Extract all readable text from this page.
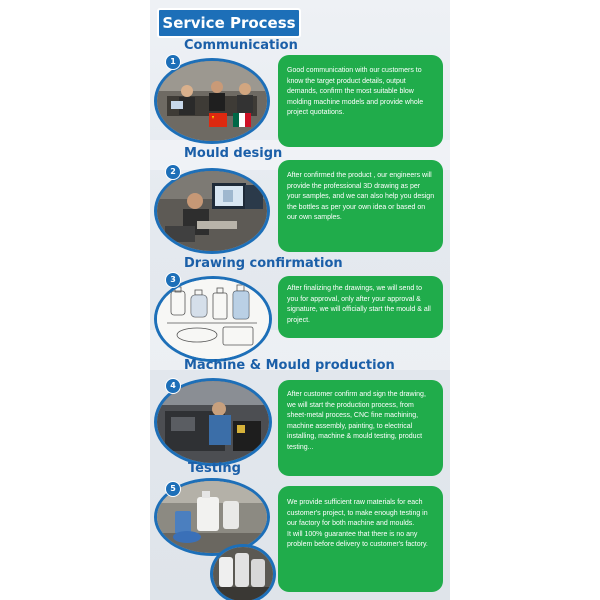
Service Process
Communication
1
Good communication with our customers to know the target product details, output demands, confirm the most suitable blow molding machine models and provide whole project quotations.
Mould design
2	After confirmed the product , our engineers will provide the professional 3D drawing as per your samples, and we can also help you design the bottles as per your own idea or based on our own samples.
Drawing confirmation
3
After finalizing the drawings, we will send to you for approval, only after your approval & signature, we will officially start the mould & all project.
Machine & Mould production
4
After customer confirm and sign the drawing, we will start the production process, from sheet-metal process, CNC fine machining, machine assembly, painting, to electrical installing, machine & mould testing, product testing...
Testing
5
We provide sufficient raw materials for each customer's project, to make enough testing in our factory for both machine and moulds.
It will 100% guarantee that there is no any problem before delivery to customer's factory.
